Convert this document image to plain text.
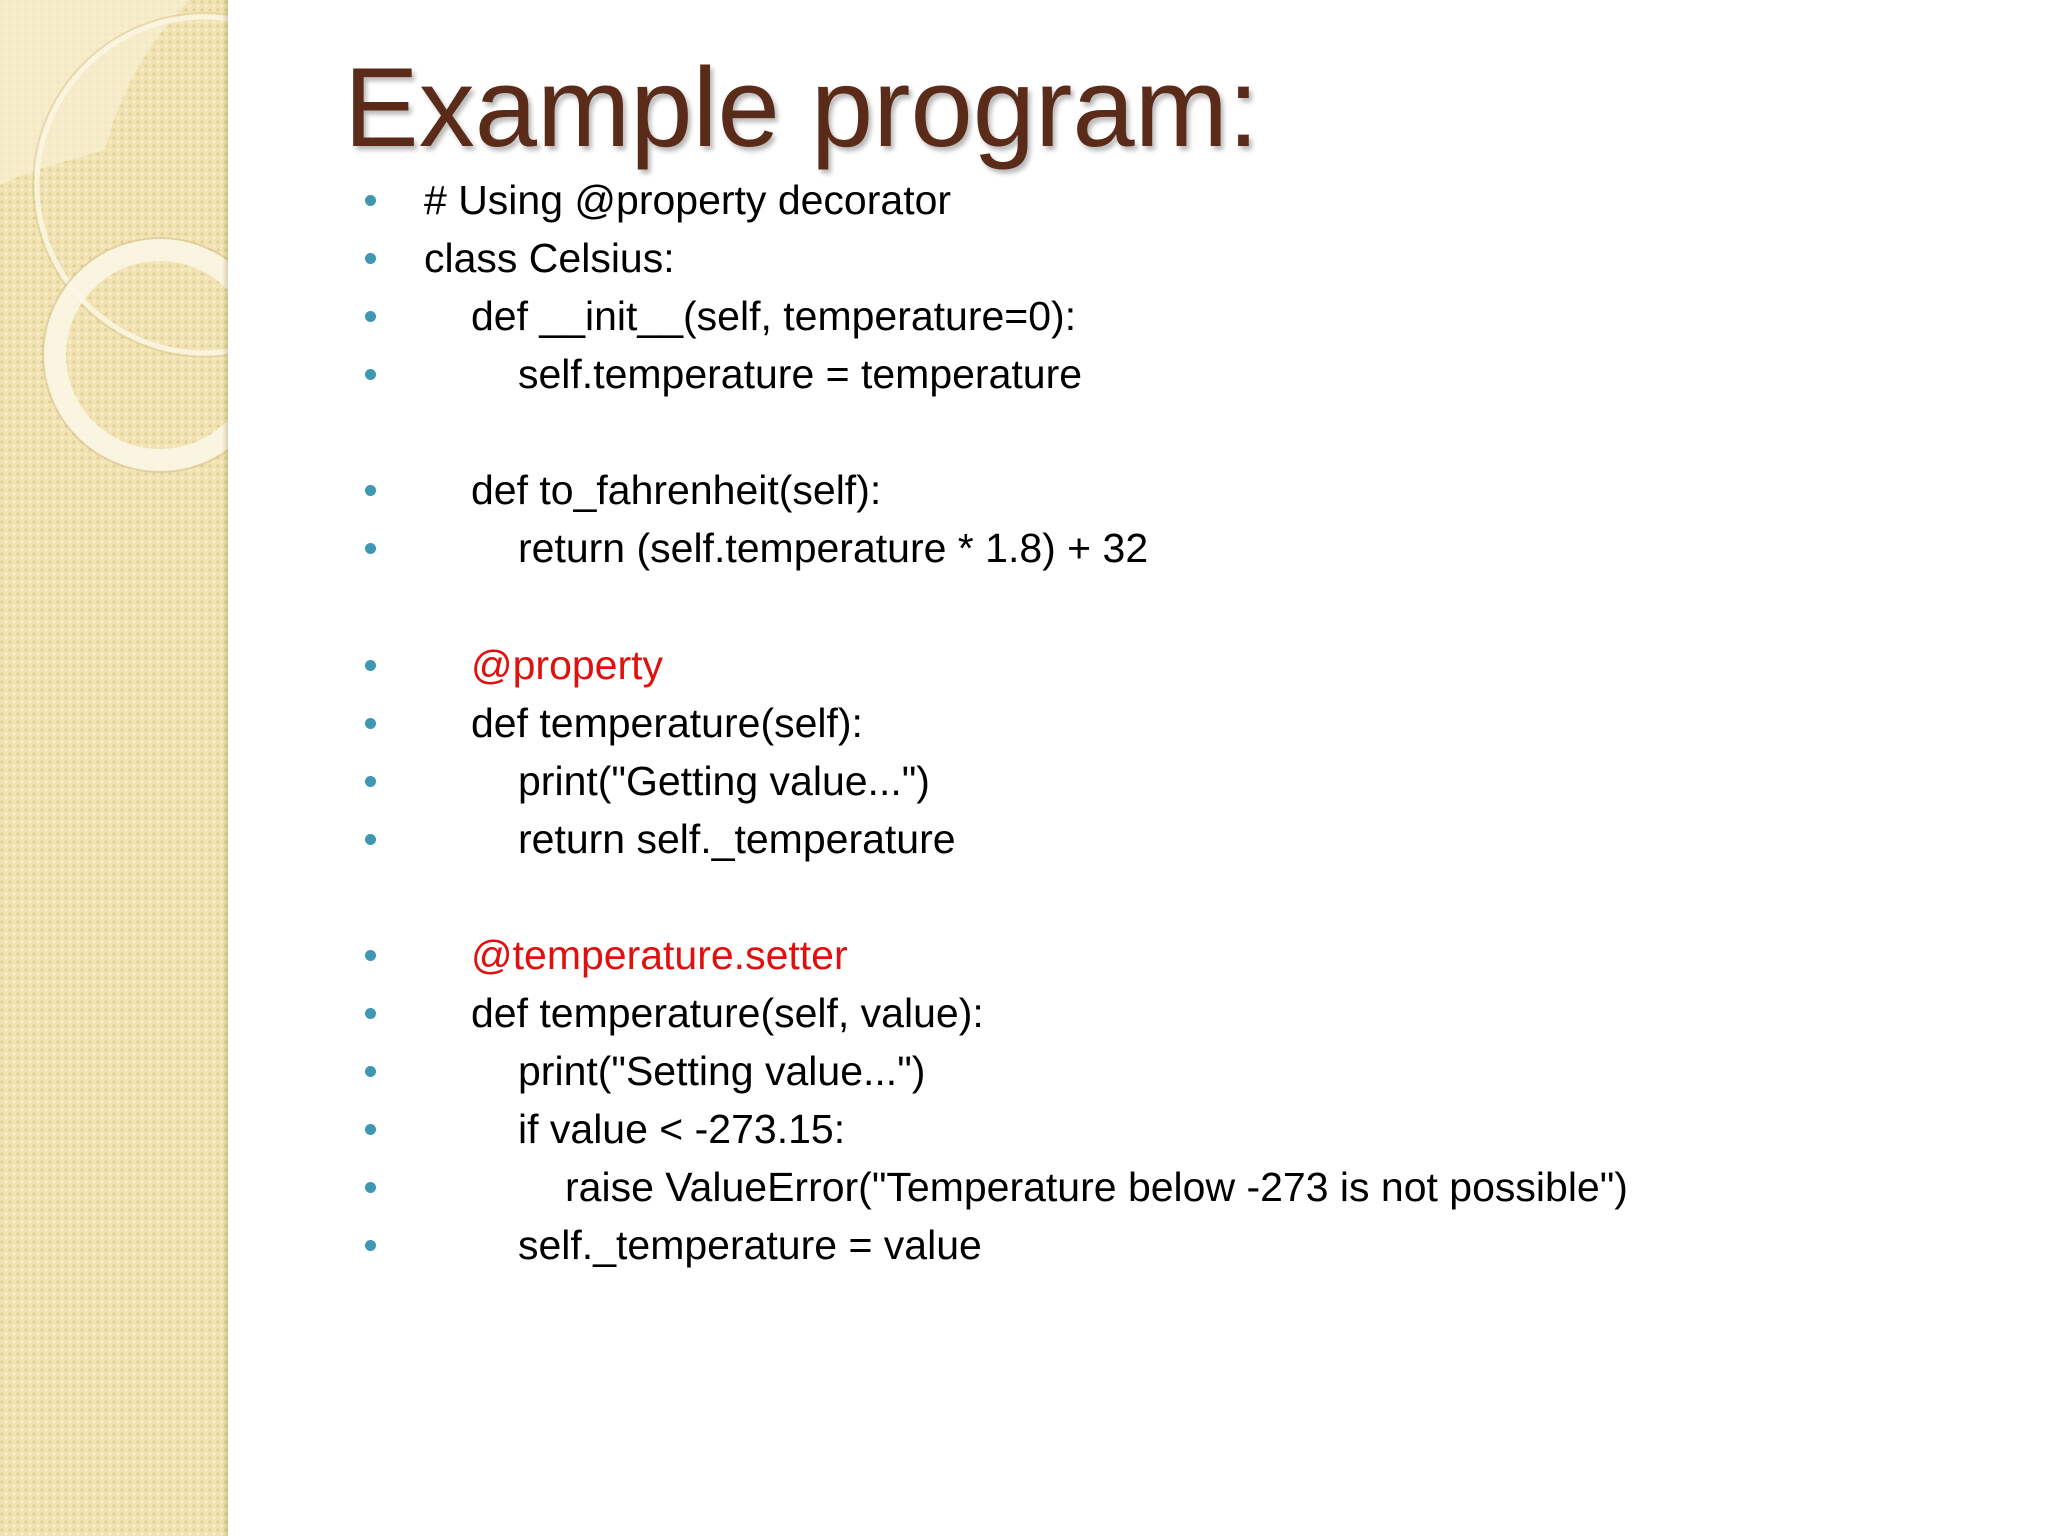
Example program:
# Using @property decorator
class Celsius:
def __init__(self, temperature=0):
self.temperature = temperature
def to_fahrenheit(self):
return (self.temperature * 1.8) + 32
@property
def temperature(self):
print("Getting value...")
return self._temperature
@temperature.setter
def temperature(self, value):
print("Setting value...")
if value < -273.15:
raise ValueError("Temperature below -273 is not possible")
self._temperature = value
